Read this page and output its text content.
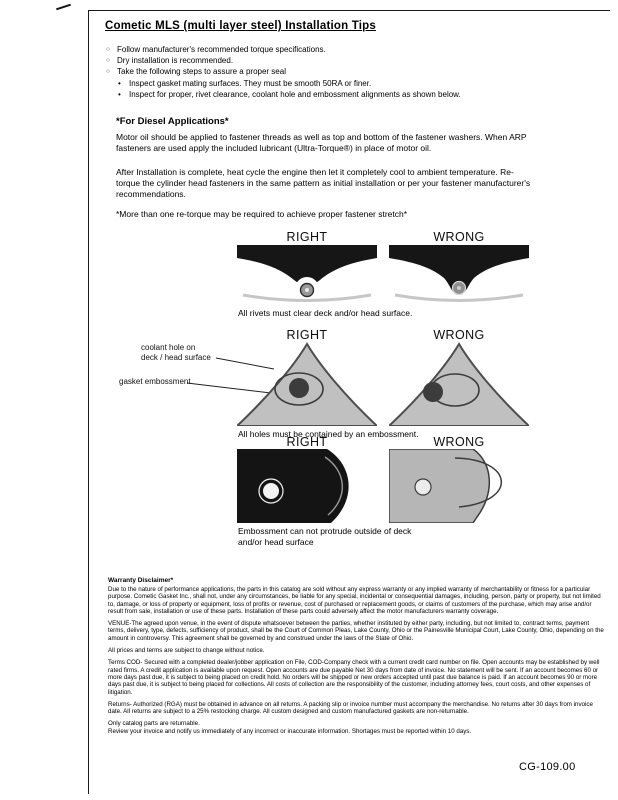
Cometic MLS (multi layer steel) Installation Tips
○ Follow manufacturer's recommended torque specifications.
○ Dry installation is recommended.
○ Take the following steps to assure a proper seal
• Inspect gasket mating surfaces. They must be smooth 50RA or finer.
• Inspect for proper, rivet clearance, coolant hole and embossment alignments as shown below.
*For Diesel Applications*
Motor oil should be applied to fastener threads as well as top and bottom of the fastener washers. When ARP fasteners are used apply the included lubricant (Ultra-Torque®) in place of motor oil.
After Installation is complete, heat cycle the engine then let it completely cool to ambient temperature. Re-torque the cylinder head fasteners in the same pattern as initial installation or per your fastener manufacturer's recommendations.
*More than one re-torque may be required to achieve proper fastener stretch*
RIGHT	WRONG
All rivets must clear deck and/or head surface.
RIGHT	WRONG
coolant hole on
deck / head surface
gasket embossment
All holes must be contained by an embossment.
RIGHT	WRONG
Embossment can not protrude outside of deck
and/or head surface
Warranty Disclaimer*

Due to the nature of performance applications, the parts in this catalog are sold without any express warranty or any implied warranty of merchantability or fitness for a particular purpose. Cometic Gasket Inc., shall not, under any circumstances, be liable for any special, incidental or consequential damages, including, person, party or property, but not limited to, damage, or loss of property or equipment, loss of profits or revenue, cost of purchased or replacement goods, or claims of customers of the purchase, which may arise and/or result from sale, installation or use of these parts. Installation of these parts could adversely affect the motor manufacturers warranty coverage.

VENUE-The agreed upon venue, in the event of dispute whatsoever between the parties, whether instituted by either party, including, but not limited to, contract terms, payment terms, delivery, type, defects, sufficiency of product, shall be the Court of Common Pleas, Lake County, Ohio or the Painesville Municipal Court, Lake County, Ohio, depending on the amount in controversy. This agreement shall be governed by and construed under the laws of the State of Ohio.

All prices and terms are subject to change without notice.

Terms COD- Secured with a completed dealer/jobber application on File, COD-Company check with a current credit card number on file. Open accounts may be established by well rated firms. A credit application is available upon request. Open accounts are due payable Net 30 days from date of invoice. No statement will be sent. If an account becomes 60 or more days past due, it is subject to being placed on credit hold. No orders will be shipped or new orders accepted until past due balance is paid. If an account becomes 90 or more days past due, it is subject to being placed for collections. All costs of collection are the responsibility of the customer, including attorney fees, court costs, and other expenses of litigation.

Returns- Authorized (RGA) must be obtained in advance on all returns. A packing slip or invoice number must accompany the merchandise. No returns after 30 days from invoice date. All returns are subject to a 25% restocking charge. All custom designed and custom manufactured gaskets are non-returnable.

Only catalog parts are returnable.

Review your invoice and notify us immediately of any incorrect or inaccurate information. Shortages must be reported within 10 days.

CG-109.00
